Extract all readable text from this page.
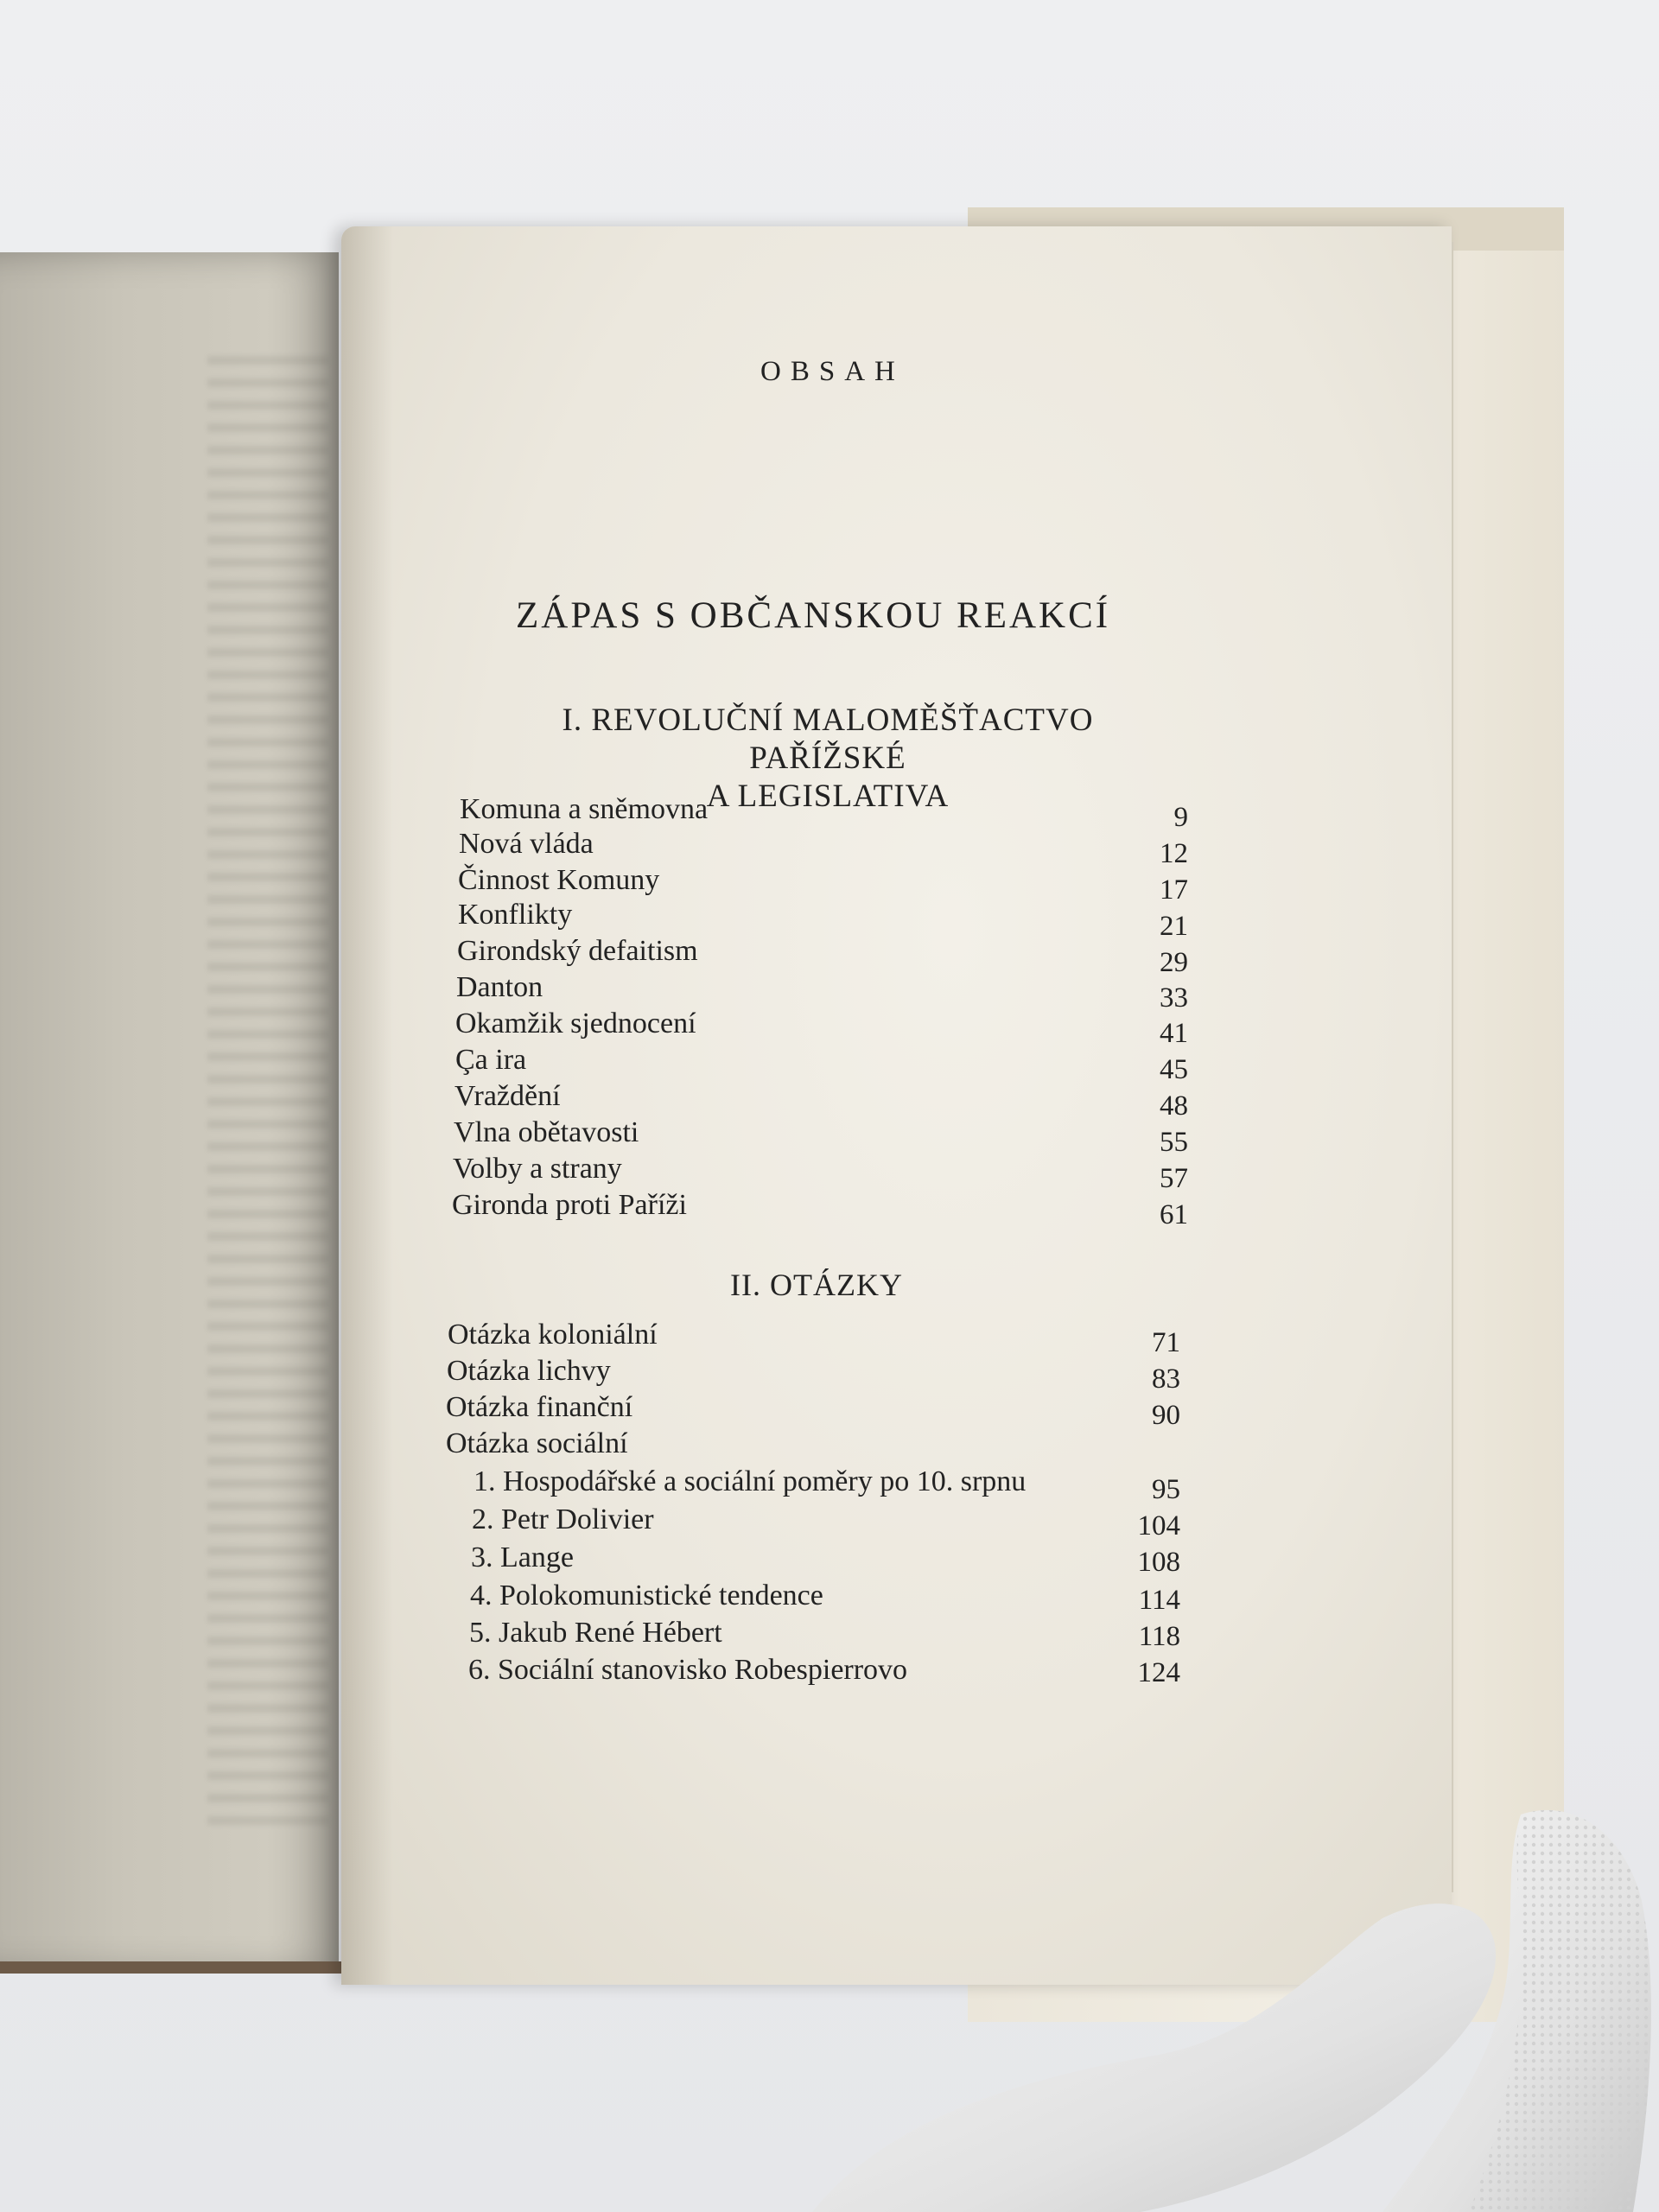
OBSAH
ZÁPAS S OBČANSKOU REAKCÍ
I. REVOLUČNÍ MALOMĚŠŤACTVO PAŘÍŽSKÉ
A LEGISLATIVA
Komuna a sněmovna	9
Nová vláda	12
Činnost Komuny	17
Konflikty	21
Girondský defaitism	29
Danton	33
Okamžik sjednocení	41
Ça ira	45
Vraždění	48
Vlna obětavosti	55
Volby a strany	57
Gironda proti Paříži	61
II. OTÁZKY
Otázka koloniální	71
Otázka lichvy	83
Otázka finanční	90
Otázka sociální
1. Hospodářské a sociální poměry po 10. srpnu	95
2. Petr Dolivier	104
3. Lange	108
4. Polokomunistické tendence	114
5. Jakub René Hébert	118
6. Sociální stanovisko Robespierrovo	124
